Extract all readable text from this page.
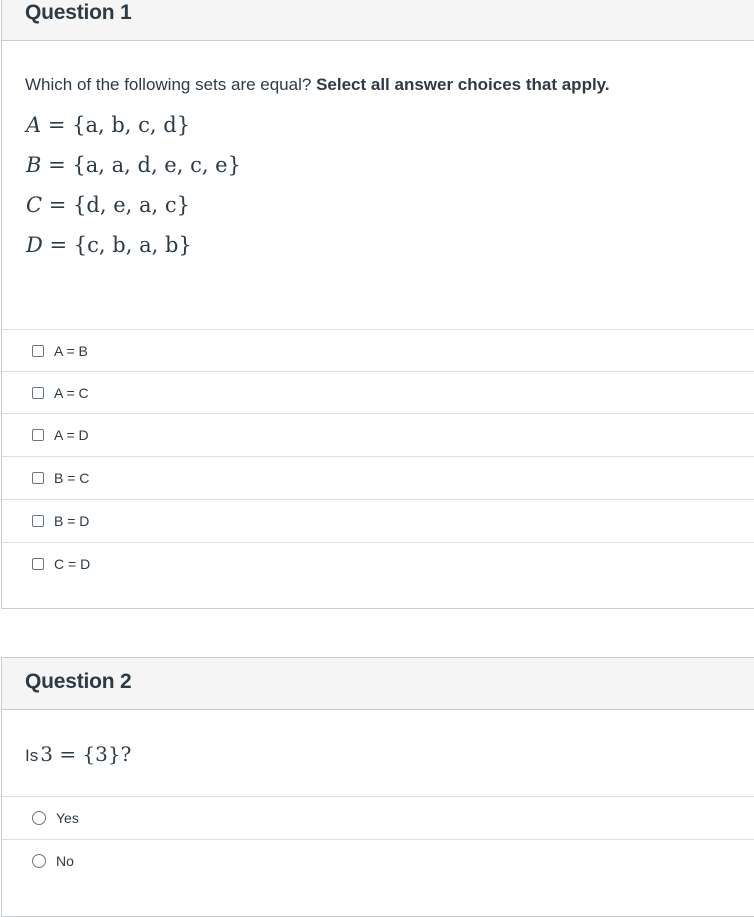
Question 1
Which of the following sets are equal? Select all answer choices that apply.
A = {a, b, c, d}
B = {a, a, d, e, c, e}
C = {d, e, a, c}
D = {c, b, a, b}
A = B
A = C
A = D
B = C
B = D
C = D
Question 2
Is 3 = {3}?
Yes
No
